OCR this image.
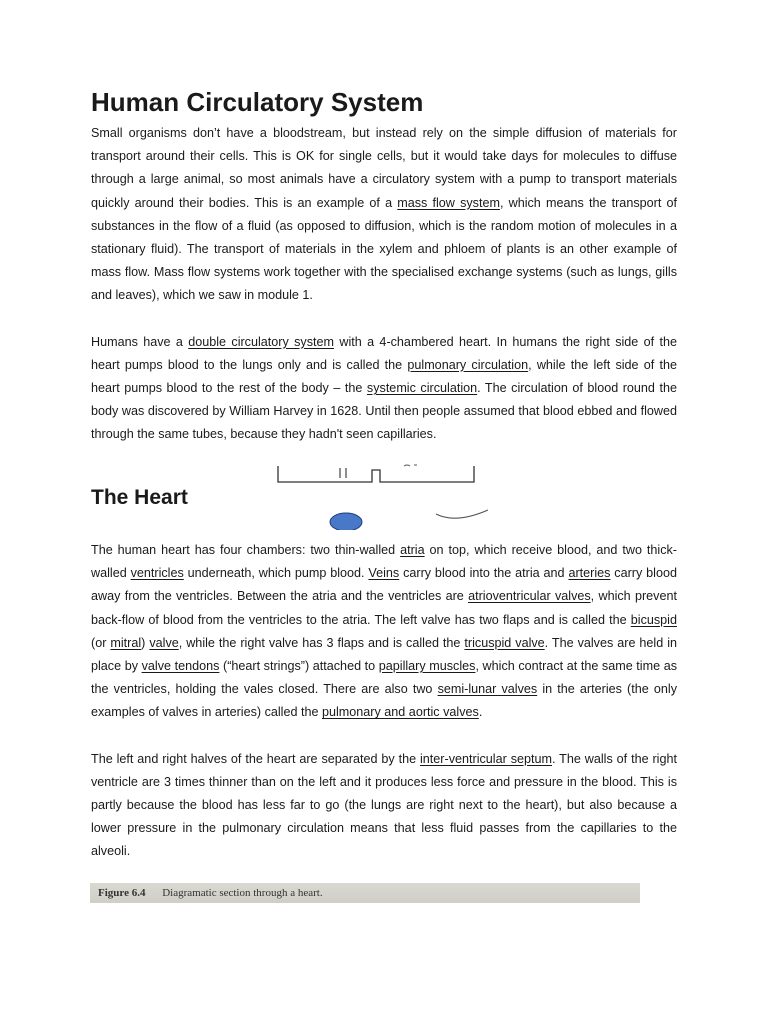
Human Circulatory System

Small organisms don’t have a bloodstream, but instead rely on the simple diffusion of materials for transport around their cells. This is OK for single cells, but it would take days for molecules to diffuse through a large animal, so most animals have a circulatory system with a pump to transport materials quickly around their bodies. This is an example of a mass flow system, which means the transport of substances in the flow of a fluid (as opposed to diffusion, which is the random motion of molecules in a stationary fluid). The transport of materials in the xylem and phloem of plants is an other example of mass flow. Mass flow systems work together with the specialised exchange systems (such as lungs, gills and leaves), which we saw in module 1.

Humans have a double circulatory system with a 4-chambered heart. In humans the right side of the heart pumps blood to the lungs only and is called the pulmonary circulation, while the left side of the heart pumps blood to the rest of the body – the systemic circulation. The circulation of blood round the body was discovered by William Harvey in 1628. Until then people assumed that blood ebbed and flowed through the same tubes, because they hadn't seen capillaries.

The Heart

The human heart has four chambers: two thin-walled atria on top, which receive blood, and two thick-walled ventricles underneath, which pump blood. Veins carry blood into the atria and arteries carry blood away from the ventricles. Between the atria and the ventricles are atrioventricular valves, which prevent back-flow of blood from the ventricles to the atria. The left valve has two flaps and is called the bicuspid (or mitral) valve, while the right valve has 3 flaps and is called the tricuspid valve. The valves are held in place by valve tendons (“heart strings”) attached to papillary muscles, which contract at the same time as the ventricles, holding the vales closed. There are also two semi-lunar valves in the arteries (the only examples of valves in arteries) called the pulmonary and aortic valves.

The left and right halves of the heart are separated by the inter-ventricular septum. The walls of the right ventricle are 3 times thinner than on the left and it produces less force and pressure in the blood. This is partly because the blood has less far to go (the lungs are right next to the heart), but also because a lower pressure in the pulmonary circulation means that less fluid passes from the capillaries to the alveoli.

Figure 6.4 Diagramatic section through a heart.
